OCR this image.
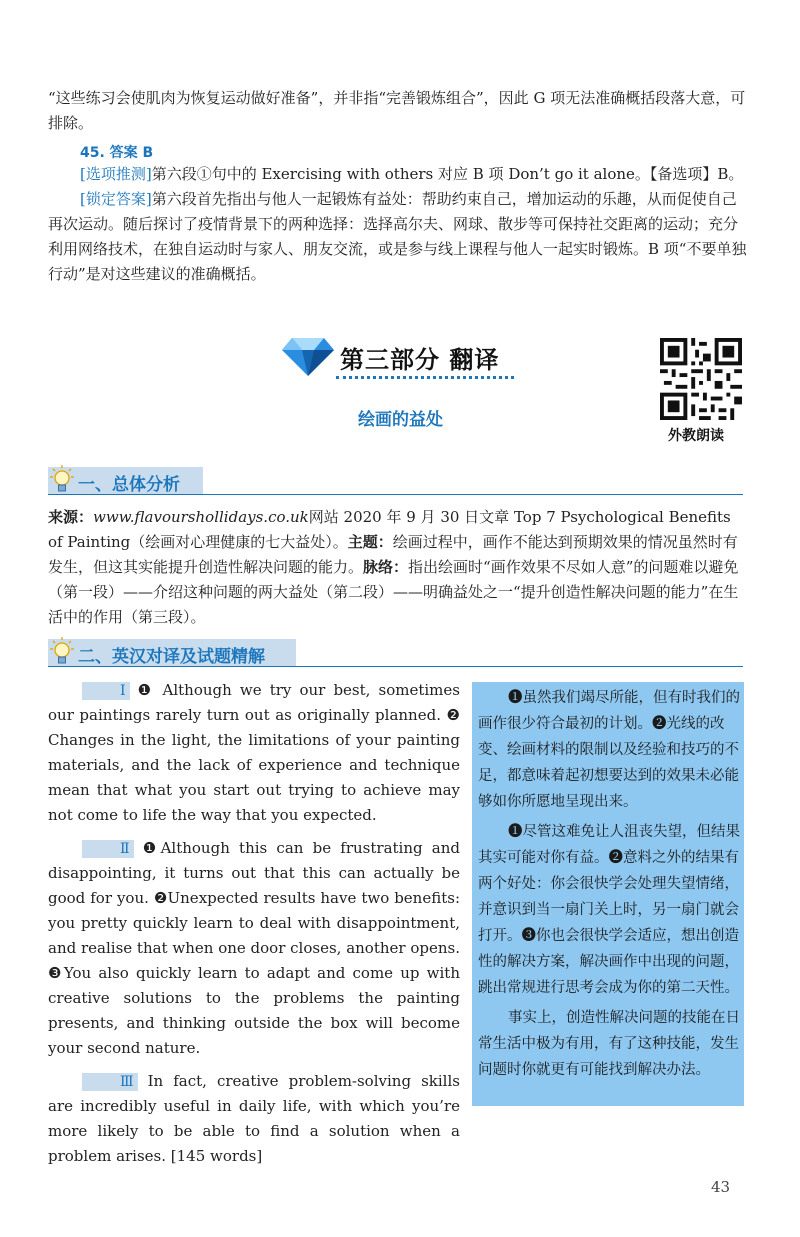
“这些练习会使肌肉为恢复运动做好准备”，并非指“完善锻炼组合”，因此 G 项无法准确概括段落大意，可排除。
45. 答案 B
[选项推测]第六段①句中的 Exercising with others 对应 B 项 Don’t go it alone。【备选项】B。
[锁定答案]第六段首先指出与他人一起锻炼有益处：帮助约束自己，增加运动的乐趣，从而促使自己再次运动。随后探讨了疫情背景下的两种选择：选择高尔夫、网球、散步等可保持社交距离的运动；充分利用网络技术，在独自运动时与家人、朋友交流，或是参与线上课程与他人一起实时锻炼。B 项“不要单独行动”是对这些建议的准确概括。
第三部分 翻译
绘画的益处
外教朗读
一、总体分析
来源：www.flavourshollidays.co.uk网站 2020 年 9 月 30 日文章 Top 7 Psychological Benefits of Painting（绘画对心理健康的七大益处）。主题：绘画过程中，画作不能达到预期效果的情况虽然时有发生，但这其实能提升创造性解决问题的能力。脉络：指出绘画时“画作效果不尽如人意”的问题难以避免（第一段）——介绍这种问题的两大益处（第二段）——明确益处之一“提升创造性解决问题的能力”在生活中的作用（第三段）。
二、英汉对译及试题精解

Ⅰ ❶ Although we try our best, sometimes our paintings rarely turn out as originally planned. ❷ Changes in the light, the limitations of your painting materials, and the lack of experience and technique mean that what you start out trying to achieve may not come to life the way that you expected.

Ⅱ ❶Although this can be frustrating and disappointing, it turns out that this can actually be good for you. ❷Unexpected results have two benefits: you pretty quickly learn to deal with disappointment, and realise that when one door closes, another opens. ❸You also quickly learn to adapt and come up with creative solutions to the problems the painting presents, and thinking outside the box will become your second nature.

Ⅲ In fact, creative problem-solving skills are incredibly useful in daily life, with which you’re more likely to be able to find a solution when a problem arises. [145 words]

❶虽然我们竭尽所能，但有时我们的画作很少符合最初的计划。❷光线的改变、绘画材料的限制以及经验和技巧的不足，都意味着起初想要达到的效果未必能够如你所愿地呈现出来。

❶尽管这难免让人沮丧失望，但结果其实可能对你有益。❷意料之外的结果有两个好处：你会很快学会处理失望情绪，并意识到当一扇门关上时，另一扇门就会打开。❸你也会很快学会适应，想出创造性的解决方案，解决画作中出现的问题，跳出常规进行思考会成为你的第二天性。

事实上，创造性解决问题的技能在日常生活中极为有用，有了这种技能，发生问题时你就更有可能找到解决办法。

43
